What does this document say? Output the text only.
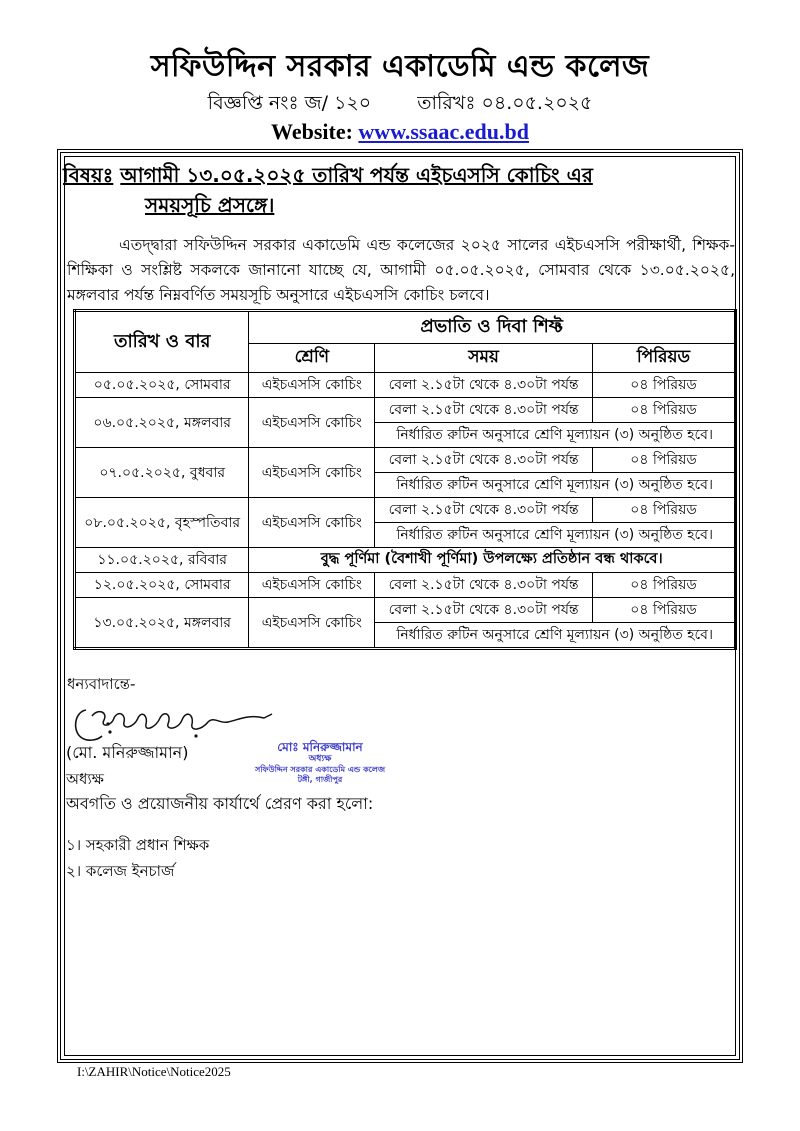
সফিউদ্দিন সরকার একাডেমি এন্ড কলেজ
বিজ্ঞপ্তি নংঃ জ/ ১২০ তারিখঃ ০৪.০৫.২০২৫
Website: www.ssaac.edu.bd
বিষয়ঃ আগামী ১৩.০৫.২০২৫ তারিখ পর্যন্ত এইচএসসি কোচিং এর
সময়সূচি প্রসঙ্গে।
এতদ্দ্বারা সফিউদ্দিন সরকার একাডেমি এন্ড কলেজের ২০২৫ সালের এইচএসসি পরীক্ষার্থী, শিক্ষক-শিক্ষিকা ও সংশ্লিষ্ট সকলকে জানানো যাচ্ছে যে, আগামী ০৫.০৫.২০২৫, সোমবার থেকে ১৩.০৫.২০২৫, মঙ্গলবার পর্যন্ত নিম্নবর্ণিত সময়সূচি অনুসারে এইচএসসি কোচিং চলবে।
তারিখ ও বার	প্রভাতি ও দিবা শিফ্ট		
	শ্রেণি	সময়	পিরিয়ড
০৫.০৫.২০২৫, সোমবার	এইচএসসি কোচিং	বেলা ২.১৫টা থেকে ৪.৩০টা পর্যন্ত	০৪ পিরিয়ড
০৬.০৫.২০২৫, মঙ্গলবার	এইচএসসি কোচিং	বেলা ২.১৫টা থেকে ৪.৩০টা পর্যন্ত	০৪ পিরিয়ড
		নির্ধারিত রুটিন অনুসারে শ্রেণি মূল্যায়ন (৩) অনুষ্ঠিত হবে।	
০৭.০৫.২০২৫, বুধবার	এইচএসসি কোচিং	বেলা ২.১৫টা থেকে ৪.৩০টা পর্যন্ত	০৪ পিরিয়ড
		নির্ধারিত রুটিন অনুসারে শ্রেণি মূল্যায়ন (৩) অনুষ্ঠিত হবে।	
০৮.০৫.২০২৫, বৃহস্পতিবার	এইচএসসি কোচিং	বেলা ২.১৫টা থেকে ৪.৩০টা পর্যন্ত	০৪ পিরিয়ড
		নির্ধারিত রুটিন অনুসারে শ্রেণি মূল্যায়ন (৩) অনুষ্ঠিত হবে।	
১১.০৫.২০২৫, রবিবার	বুদ্ধ পূর্ণিমা (বৈশাখী পূর্ণিমা) উপলক্ষ্যে প্রতিষ্ঠান বন্ধ থাকবে।		
১২.০৫.২০২৫, সোমবার	এইচএসসি কোচিং	বেলা ২.১৫টা থেকে ৪.৩০টা পর্যন্ত	০৪ পিরিয়ড
১৩.০৫.২০২৫, মঙ্গলবার	এইচএসসি কোচিং	বেলা ২.১৫টা থেকে ৪.৩০টা পর্যন্ত	০৪ পিরিয়ড
		নির্ধারিত রুটিন অনুসারে শ্রেণি মূল্যায়ন (৩) অনুষ্ঠিত হবে।	
ধন্যবাদান্তে-
(মো. মনিরুজ্জামান)
অধ্যক্ষ
মোঃ মনিরুজ্জামান
অধ্যক্ষ
সফিউদ্দিন সরকার একাডেমি এন্ড কলেজ
টঙ্গী, গাজীপুর
অবগতি ও প্রয়োজনীয় কার্যার্থে প্রেরণ করা হলো:
১। সহকারী প্রধান শিক্ষক
২। কলেজ ইনচার্জ
I:\ZAHIR\Notice\Notice2025
